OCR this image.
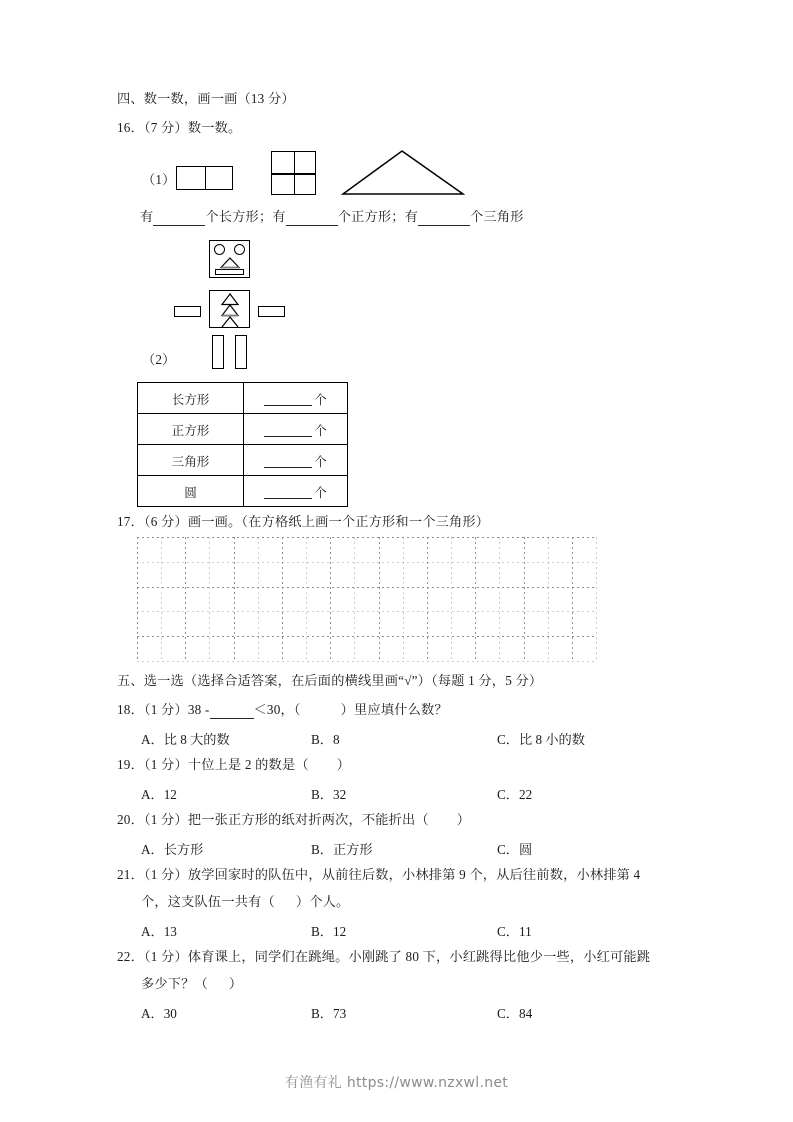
四、数一数，画一画（13 分）
16．（7 分）数一数。
（1）
有	个长方形；有	个正方形；有	个三角形
（2）
长方形	个
正方形	个
三角形	个
圆	个
17．（6 分）画一画。（在方格纸上画一个正方形和一个三角形）
五、选一选（选择合适答案，在后面的横线里画“√”）（每题 1 分，5 分）
18．（1 分）38 -	＜30，（	）里应填什么数？
A．比 8 大的数	B．8	C．比 8 小的数
19．（1 分）十位上是 2 的数是（        ）
A．12	B．32	C．22
20．（1 分）把一张正方形的纸对折两次，不能折出（        ）
A．长方形	B．正方形	C．圆
21．（1 分）放学回家时的队伍中，从前往后数，小林排第 9 个，从后往前数，小林排第 4
个，这支队伍一共有（      ）个人。
A．13	B．12	C．11
22．（1 分）体育课上，同学们在跳绳。小刚跳了 80 下，小红跳得比他少一些，小红可能跳
多少下？（      ）
A．30	B．73	C．84
有渔有礼 https://www.nzxwl.net
